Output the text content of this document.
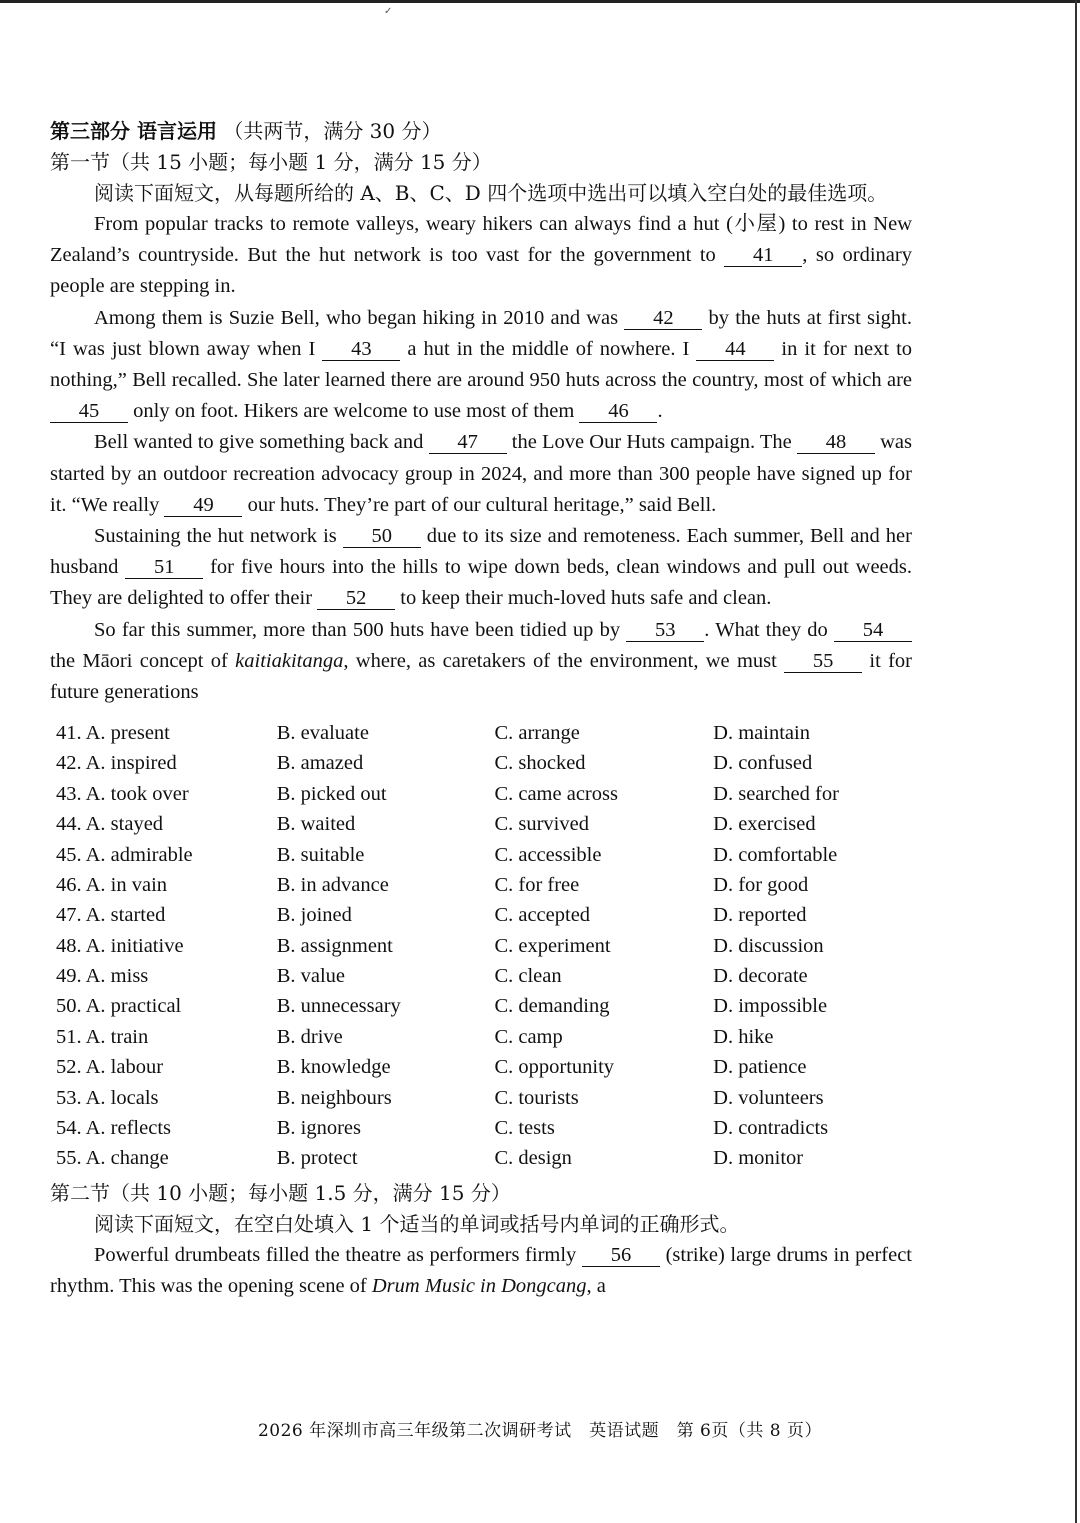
✓
第三部分 语言运用 （共两节，满分 30 分）
第一节（共 15 小题；每小题 1 分，满分 15 分）
阅读下面短文，从每题所给的 A、B、C、D 四个选项中选出可以填入空白处的最佳选项。

From popular tracks to remote valleys, weary hikers can always find a hut (小屋) to rest in New Zealand’s countryside. But the hut network is too vast for the government to 41 , so ordinary people are stepping in.

Among them is Suzie Bell, who began hiking in 2010 and was 42 by the huts at first sight. “I was just blown away when I 43 a hut in the middle of nowhere. I 44 in it for next to nothing,” Bell recalled. She later learned there are around 950 huts across the country, most of which are 45 only on foot. Hikers are welcome to use most of them 46 .

Bell wanted to give something back and 47 the Love Our Huts campaign. The 48 was started by an outdoor recreation advocacy group in 2024, and more than 300 people have signed up for it. “We really 49 our huts. They’re part of our cultural heritage,” said Bell.

Sustaining the hut network is 50 due to its size and remoteness. Each summer, Bell and her husband 51 for five hours into the hills to wipe down beds, clean windows and pull out weeds. They are delighted to offer their 52 to keep their much-loved huts safe and clean.

So far this summer, more than 500 huts have been tidied up by 53 . What they do 54 the Māori concept of kaitiakitanga, where, as caretakers of the environment, we must 55 it for future generations

41. A. present	B. evaluate	C. arrange	D. maintain
42. A. inspired	B. amazed	C. shocked	D. confused
43. A. took over	B. picked out	C. came across	D. searched for
44. A. stayed	B. waited	C. survived	D. exercised
45. A. admirable	B. suitable	C. accessible	D. comfortable
46. A. in vain	B. in advance	C. for free	D. for good
47. A. started	B. joined	C. accepted	D. reported
48. A. initiative	B. assignment	C. experiment	D. discussion
49. A. miss	B. value	C. clean	D. decorate
50. A. practical	B. unnecessary	C. demanding	D. impossible
51. A. train	B. drive	C. camp	D. hike
52. A. labour	B. knowledge	C. opportunity	D. patience
53. A. locals	B. neighbours	C. tourists	D. volunteers
54. A. reflects	B. ignores	C. tests	D. contradicts
55. A. change	B. protect	C. design	D. monitor
第二节（共 10 小题；每小题 1.5 分，满分 15 分）
阅读下面短文，在空白处填入 1 个适当的单词或括号内单词的正确形式。

Powerful drumbeats filled the theatre as performers firmly 56 (strike) large drums in perfect rhythm. This was the opening scene of Drum Music in Dongcang, a

2026 年深圳市高三年级第二次调研考试　英语试题　第 6页（共 8 页）
